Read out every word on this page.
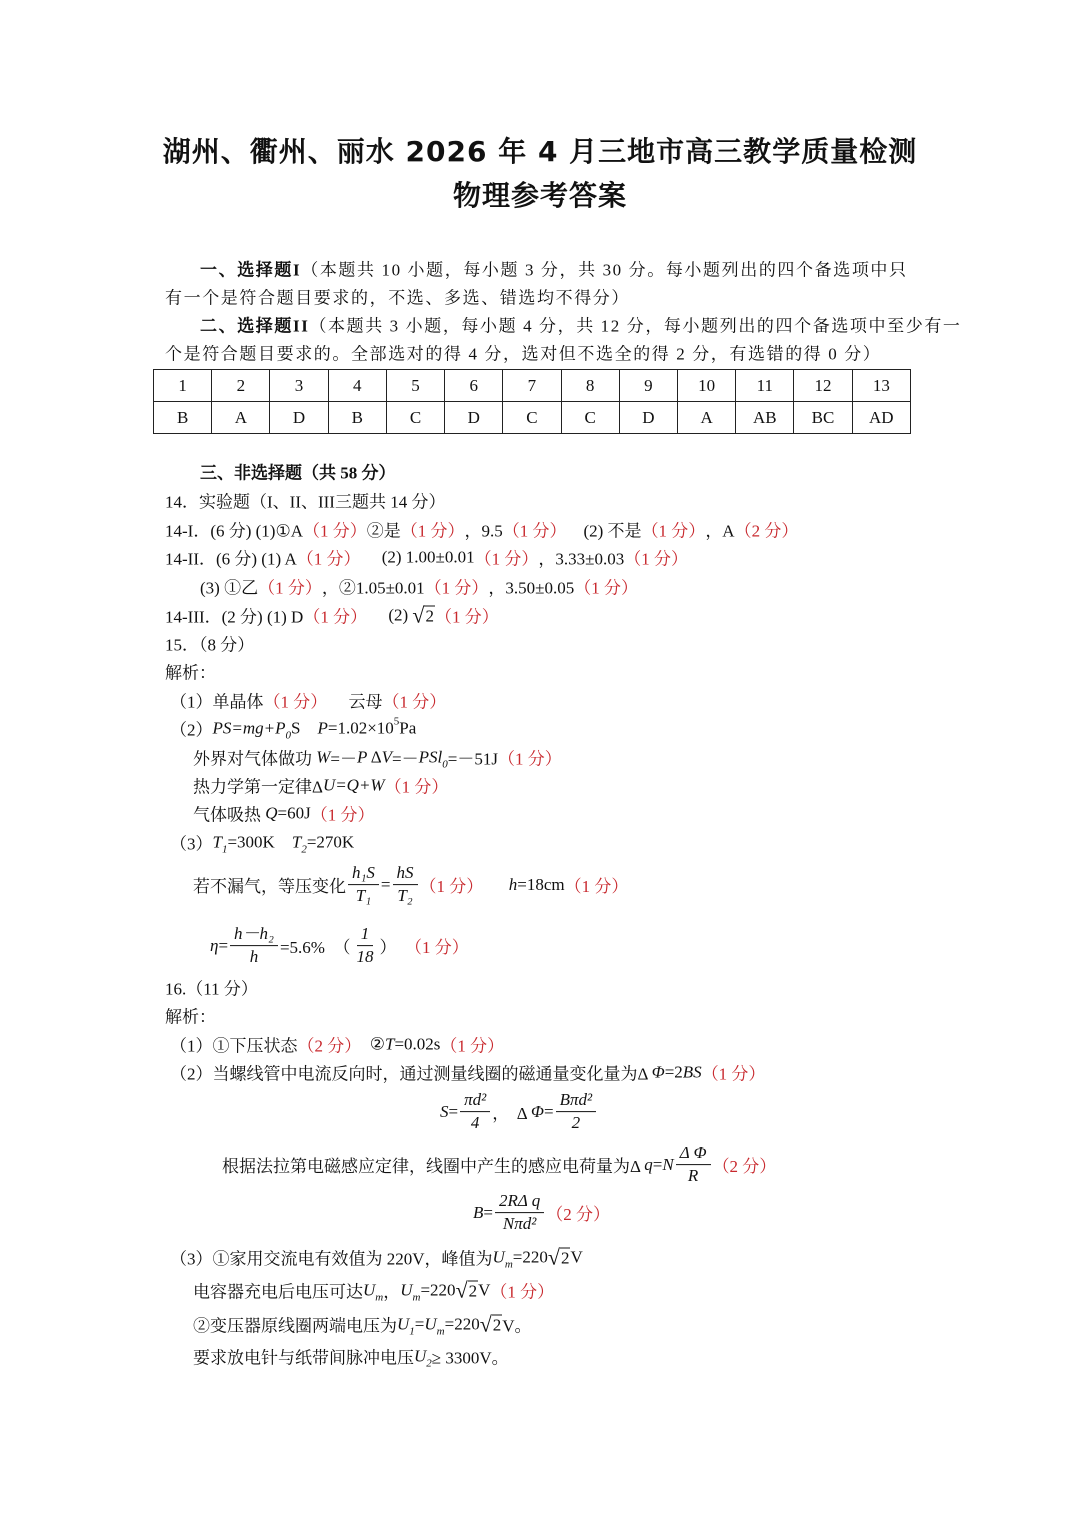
湖州、衢州、丽水 2026 年 4 月三地市高三教学质量检测
物理参考答案
1	2	3	4	5	6	7	8	9	10	11	12	13
B	A	D	B	C	D	C	C	D	A	AB	BC	AD
一、选择题I （本题共 10 小题，每小题 3 分，共 30 分。每小题列出的四个备选项中只
有一个是符合题目要求的，不选、多选、错选均不得分）
二、选择题II （本题共 3 小题，每小题 4 分，共 12 分，每小题列出的四个备选项中至少有一
个是符合题目要求的。全部选对的得 4 分，选对但不选全的得 2 分，有选错的得 0 分）
三、非选择题（共 58 分）
14．实验题（I、II、III三题共 14 分）
14-I．(6 分) (1)①A （1 分） ②是 （1 分） ，9.5 （1 分） (2) 不是 （1 分） ，A （2 分）
14-II．(6 分) (1) A （1 分） (2) 1.00±0.01 （1 分） ，3.33±0.03 （1 分）
(3) ①乙 （1 分） ，②1.05±0.01 （1 分） ，3.50±0.05 （1 分）
14-III．(2 分) (1) D （1 分） (2) √ 2 （1 分）
15．（8 分）
解析：
（1）单晶体 （1 分） 云母 （1 分）
（2） PS=mg+P 0 S P =1.02×10 5 Pa
外界对气体做功 W =－ P Δ V =－ PSl 0 =－51J （1 分）
热力学第一定律Δ U=Q+W （1 分）
气体吸热 Q =60J （1 分）
（3） T 1 =300K T 2 =270K
若不漏气，等压变化 $\frac{\text{h₁S}}{\text{T₁}} = \frac{hS}{\text{T₂}} (1$ 分）
h =18cm （1 分）
$\eta = \frac{\text{h－h₂}}{h} =5.6\%$  （ $\frac{1}{18}$ ） （1 分）
16.（11 分）
解析：
（1）①下压状态 （2 分） ② T =0.02s （1 分）
（2）当螺线管中电流反向时，通过测量线圈的磁通量变化量为Δ Φ =2 BS （1 分）
$S = \frac{\text{πd²}}{4}$ ，  Δ $\Phi = \frac{\text{Bπd²}}{2}$
根据法拉第电磁感应定律，线圈中产生的感应电荷量为Δ q = N $\frac{\text{Δ Φ}}{R} (2$ 分）
$B = \frac{\text{2RΔ q}}{\text{Nπd²}} (2$ 分）
（3）①家用交流电有效值为 220V，峰值为 U m =220 √ 2 V
电容器充电后电压可达 U m ， U m =220 √ 2 V （1 分）
②变压器原线圈两端电压为 U 1 = U m =220 √ 2 V。
要求放电针与纸带间脉冲电压 U 2 ≥ 3300V。
